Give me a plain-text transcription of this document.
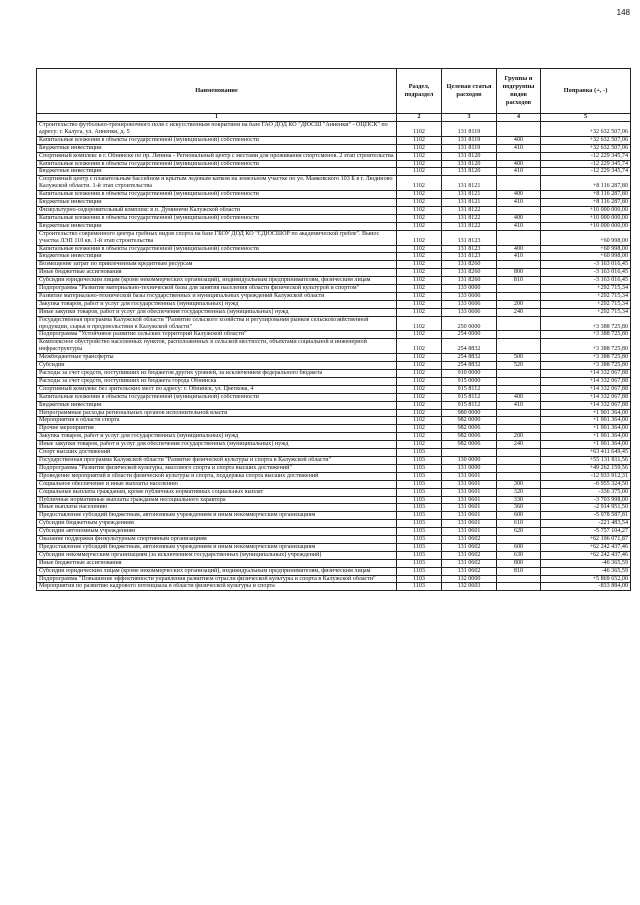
148
Наименование	Раздел, подраздел	Целевая статья расходов	Группы и подгруппы видов расходов	Поправка (+, -)
1	2	3	4	5
Строительство футбольно-тренировочного поля с искусственным покрытием на базе ГАО ДОД КО "ДЮСШ "Анненки" - ОЦПСК" по адресу: г. Калуга, ул. Анненки, д. 5	1102	131 8119		+32 632 507,06
Капитальные вложения в объекты государственной (муниципальной) собственности	1102	131 8119	400	+32 632 507,06
Бюджетные инвестиции	1102	131 8119	410	+32 632 507,06
Спортивный комплекс в г. Обнинске по пр. Ленина - Региональный центр с местами для проживания спортсменов. 2 этап строительства	1102	131 8120		-12 229 345,74
Капитальные вложения в объекты государственной (муниципальной) собственности	1102	131 8120	400	-12 229 345,74
Бюджетные инвестиции	1102	131 8120	410	-12 229 345,74
Спортивный центр с плавательным бассейном и крытым ледовым катком на земельном участке по ул. Маяковского 103 Б в г. Людиново Калужской области. 1-й этап строительства	1102	131 8121		+8 116 287,80
Капитальные вложения в объекты государственной (муниципальной) собственности	1102	131 8121	400	+8 116 287,80
Бюджетные инвестиции	1102	131 8121	410	+8 116 287,80
Физкультурно-оздоровительный комплекс в п. Думиничи Калужской области	1102	131 8122		+10 000 000,00
Капитальные вложения в объекты государственной (муниципальной) собственности	1102	131 8122	400	+10 000 000,00
Бюджетные инвестиции	1102	131 8122	410	+10 000 000,00
Строительство современного центра гребных видов спорта на базе ГБОУ ДОД КО "СДЮСШОР по академической гребле". Вынос участка ЛЭП 110 кв. 1-й этап строительства	1102	131 8123		+60 998,00
Капитальные вложения в объекты государственной (муниципальной) собственности	1102	131 8123	400	+60 998,00
Бюджетные инвестиции	1102	131 8123	410	+60 998,00
Возмещение затрат по привлеченным кредитным ресурсам	1102	131 8260		-3 163 016,45
Иные бюджетные ассигнования	1102	131 8260	800	-3 163 016,45
Субсидии юридическим лицам (кроме некоммерческих организаций), индивидуальным предпринимателям, физическим лицам	1102	131 8260	810	-3 163 016,45
Подпрограмма "Развитие материально-технической базы для занятия населения области физической культурой и спортом"	1102	133 0000		+292 715,34
Развитие материально-технической базы государственных и муниципальных учреждений Калужской области	1102	133 0606		+292 715,34
Закупка товаров, работ и услуг для государственных (муниципальных) нужд	1102	133 0606	200	+292 715,34
Иные закупки товаров, работ и услуг для обеспечения государственных (муниципальных) нужд	1102	133 0606	240	+292 715,34
Государственная программа Калужской области "Развитие сельского хозяйства и регулирования рынков сельскохозяйственной продукции, сырья и продовольствия в Калужской области"	1102	250 0000		+3 388 725,80
Подпрограмма "Устойчивое развитие сельских территорий Калужской области"	1102	254 0000		+3 388 725,80
Комплексное обустройство населенных пунктов, расположенных в сельской местности, объектами социальной и инженерной инфраструктуры	1102	254 8832		+3 388 725,80
Межбюджетные трансферты	1102	254 8832	500	+3 388 725,80
Субсидии	1102	254 8832	520	+3 388 725,80
Расходы за счет средств, поступивших из бюджетов других уровней, за исключением федерального бюджета	1102	910 0000		+14 332 067,88
Расходы за счет средств, поступивших из бюджета города Обнинска	1102	915 0000		+14 332 067,88
Спортивный комплекс без зрительских мест по адресу: г. Обнинск, ул. Цветкова, 4	1102	915 8112		+14 332 067,88
Капитальные вложения в объекты государственной (муниципальной) собственности	1102	915 8112	400	+14 332 067,88
Бюджетные инвестиции	1102	915 8112	410	+14 332 067,88
Непрограммные расходы региональных органов исполнительной власти	1102	980 0000		+1 901 364,00
Мероприятия в области спорта	1102	982 0000		+1 901 364,00
Прочие мероприятия	1102	982 0006		+1 901 364,00
Закупка товаров, работ и услуг для государственных (муниципальных) нужд	1102	982 0006	200	+1 901 364,00
Иные закупки товаров, работ и услуг для обеспечения государственных (муниципальных) нужд	1102	982 0006	240	+1 901 364,00
Спорт высших достижений	1103			+63 411 649,45
Государственная программа Калужской области "Развитие физической культуры и спорта в Калужской области"	1103	130 0000		+55 131 811,56
Подпрограмма "Развитие физической культуры, массового спорта и спорта высших достижений"	1103	131 0000		+49 262 159,56
Проведение мероприятий в области физической культуры и спорта, поддержка спорта высших достижений	1103	131 0601		-12 933 912,31
Социальное обеспечение и иные выплаты населению	1103	131 0601	300	-6 955 324,50
Социальные выплаты гражданам, кроме публичных нормативных социальных выплат	1103	131 0601	320	-336 375,00
Публичные нормативные выплаты гражданам несоциального характера	1103	131 0601	330	-3 703 998,00
Иные выплаты населению	1103	131 0601	360	-2 914 951,50
Предоставление субсидий бюджетным, автономным учреждениям и иным некоммерческим организациям	1103	131 0601	600	-5 978 587,81
Субсидии бюджетным учреждениям	1103	131 0601	610	-221 483,54
Субсидии автономным учреждениям	1103	131 0601	620	-5 757 104,27
Оказание поддержки физкультурным спортивным организациям	1103	131 0602		+62 196 071,87
Предоставление субсидий бюджетным, автономным учреждениям и иным некоммерческим организациям	1103	131 0602	600	+62 242 437,46
Субсидии некоммерческим организациям (за исключением государственных (муниципальных) учреждений)	1103	131 0602	630	+62 242 437,46
Иные бюджетные ассигнования	1103	131 0602	800	-46 365,59
Субсидии юридическим лицам (кроме некоммерческих организаций), индивидуальным предпринимателям, физическим лицам	1103	131 0602	810	-46 365,59
Подпрограмма "Повышение эффективности управления развитием отрасли физической культуры и спорта в Калужской области"	1103	132 0000		+5 869 652,00
Мероприятия по развитию кадрового потенциала в области физической культуры и спорта	1103	132 0603		-833 884,00
